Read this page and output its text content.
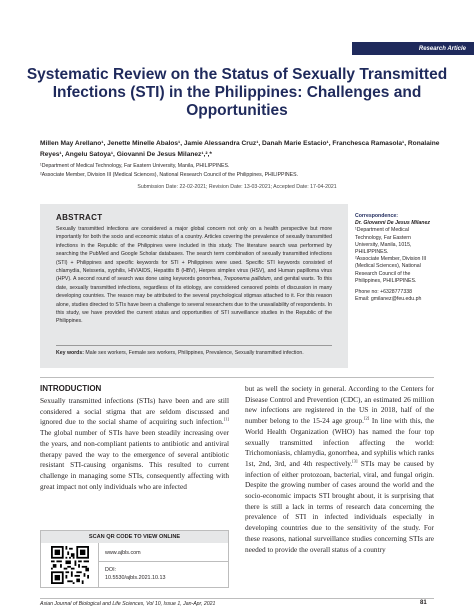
Research Article
Systematic Review on the Status of Sexually Transmitted Infections (STI) in the Philippines: Challenges and Opportunities
Millen May Arellano¹, Jenette Minelle Abalos¹, Jamie Alessandra Cruz¹, Danah Marie Estacio¹, Franchesca Ramasola¹, Ronalaine Reyes¹, Angelu Satoya¹, Giovanni De Jesus Milanez¹,²,*
¹Department of Medical Technology, Far Eastern University, Manila, PHILIPPINES.
²Associate Member, Division III (Medical Sciences), National Research Council of the Philippines, PHILIPPINES.
Submission Date: 22-02-2021; Revision Date: 13-03-2021; Accepted Date: 17-04-2021
ABSTRACT
Sexually transmitted infections are considered a major global concern not only on a health perspective but more importantly for both the socio and economic status of a country. Articles covering the prevalence of sexually transmitted infections in the Republic of the Philippines were included in this study. The literature search was performed by searching the PubMed and Google Scholar databases. The search term combination of sexually transmitted infections (STI) + Philippines and specific keywords for STI + Philippines were used. Specific STI keywords consisted of chlamydia, Neisseria, syphilis, HIV/AIDS, Hepatitis B (HBV), Herpes simplex virus (HSV), and Human papilloma virus (HPV). A second round of search was done using keywords gonorrhea, Treponema pallidum, and genital warts. To this date, sexually transmitted infections, regardless of its etiology, are considered censored points of discussion in many developing countries. The reason may be attributed to the several psychological stigmas attached to it. For this reason alone, studies directed to STIs have been a challenge to several researchers due to the unavailability of respondents. In this study, we have provided the current status and opportunities of STI surveillance studies in the Republic of the Philippines.
Key words: Male sex workers, Female sex workers, Philippines, Prevalence, Sexually transmitted infection.
Correspondence:
Dr. Giovanni De Jesus Milanez
¹Department of Medical Technology, Far Eastern University, Manila, 1015, PHILIPPINES.
²Associate Member, Division III (Medical Sciences), National Research Council of the Philippines, PHILIPPINES.
Phone no: +6328777338
Email: gmilanez@feu.edu.ph
INTRODUCTION
Sexually transmitted infections (STIs) have been and are still considered a social stigma that are seldom discussed and ignored due to the social shame of acquiring such infection.[1] The global number of STIs have been steadily increasing over the years, and non-compliant patients to antibiotic and antiviral therapy paved the way to the emergence of several antibiotic resistant STI-causing organisms. This resulted to current challenge in managing some STIs, consequently affecting with great impact not only individuals who are infected
but as well the society in general. According to the Centers for Disease Control and Prevention (CDC), an estimated 26 million new infections are registered in the US in 2018, half of the number belong to the 15-24 age group.[2] In line with this, the World Health Organization (WHO) has named the four top sexually transmitted infection affecting the world: Trichomoniasis, chlamydia, gonorrhea, and syphilis which ranks 1st, 2nd, 3rd, and 4th respectively.[3] STIs may be caused by infection of either protozoan, bacterial, viral, and fungal origin. Despite the growing number of cases around the world and the socio-economic impacts STI brought about, it is surprising that there is still a lack in terms of research data concerning the prevalence of STI in infected individuals especially in developing countries due to the sensitivity of the study. For these reasons, national surveillance studies concerning STIs are needed to provide the overall status of a country
SCAN QR CODE TO VIEW ONLINE
www.ajbls.com
DOI:
10.5530/ajbls.2021.10.13
Asian Journal of Biological and Life Sciences, Vol 10, Issue 1, Jan-Apr, 2021	81
